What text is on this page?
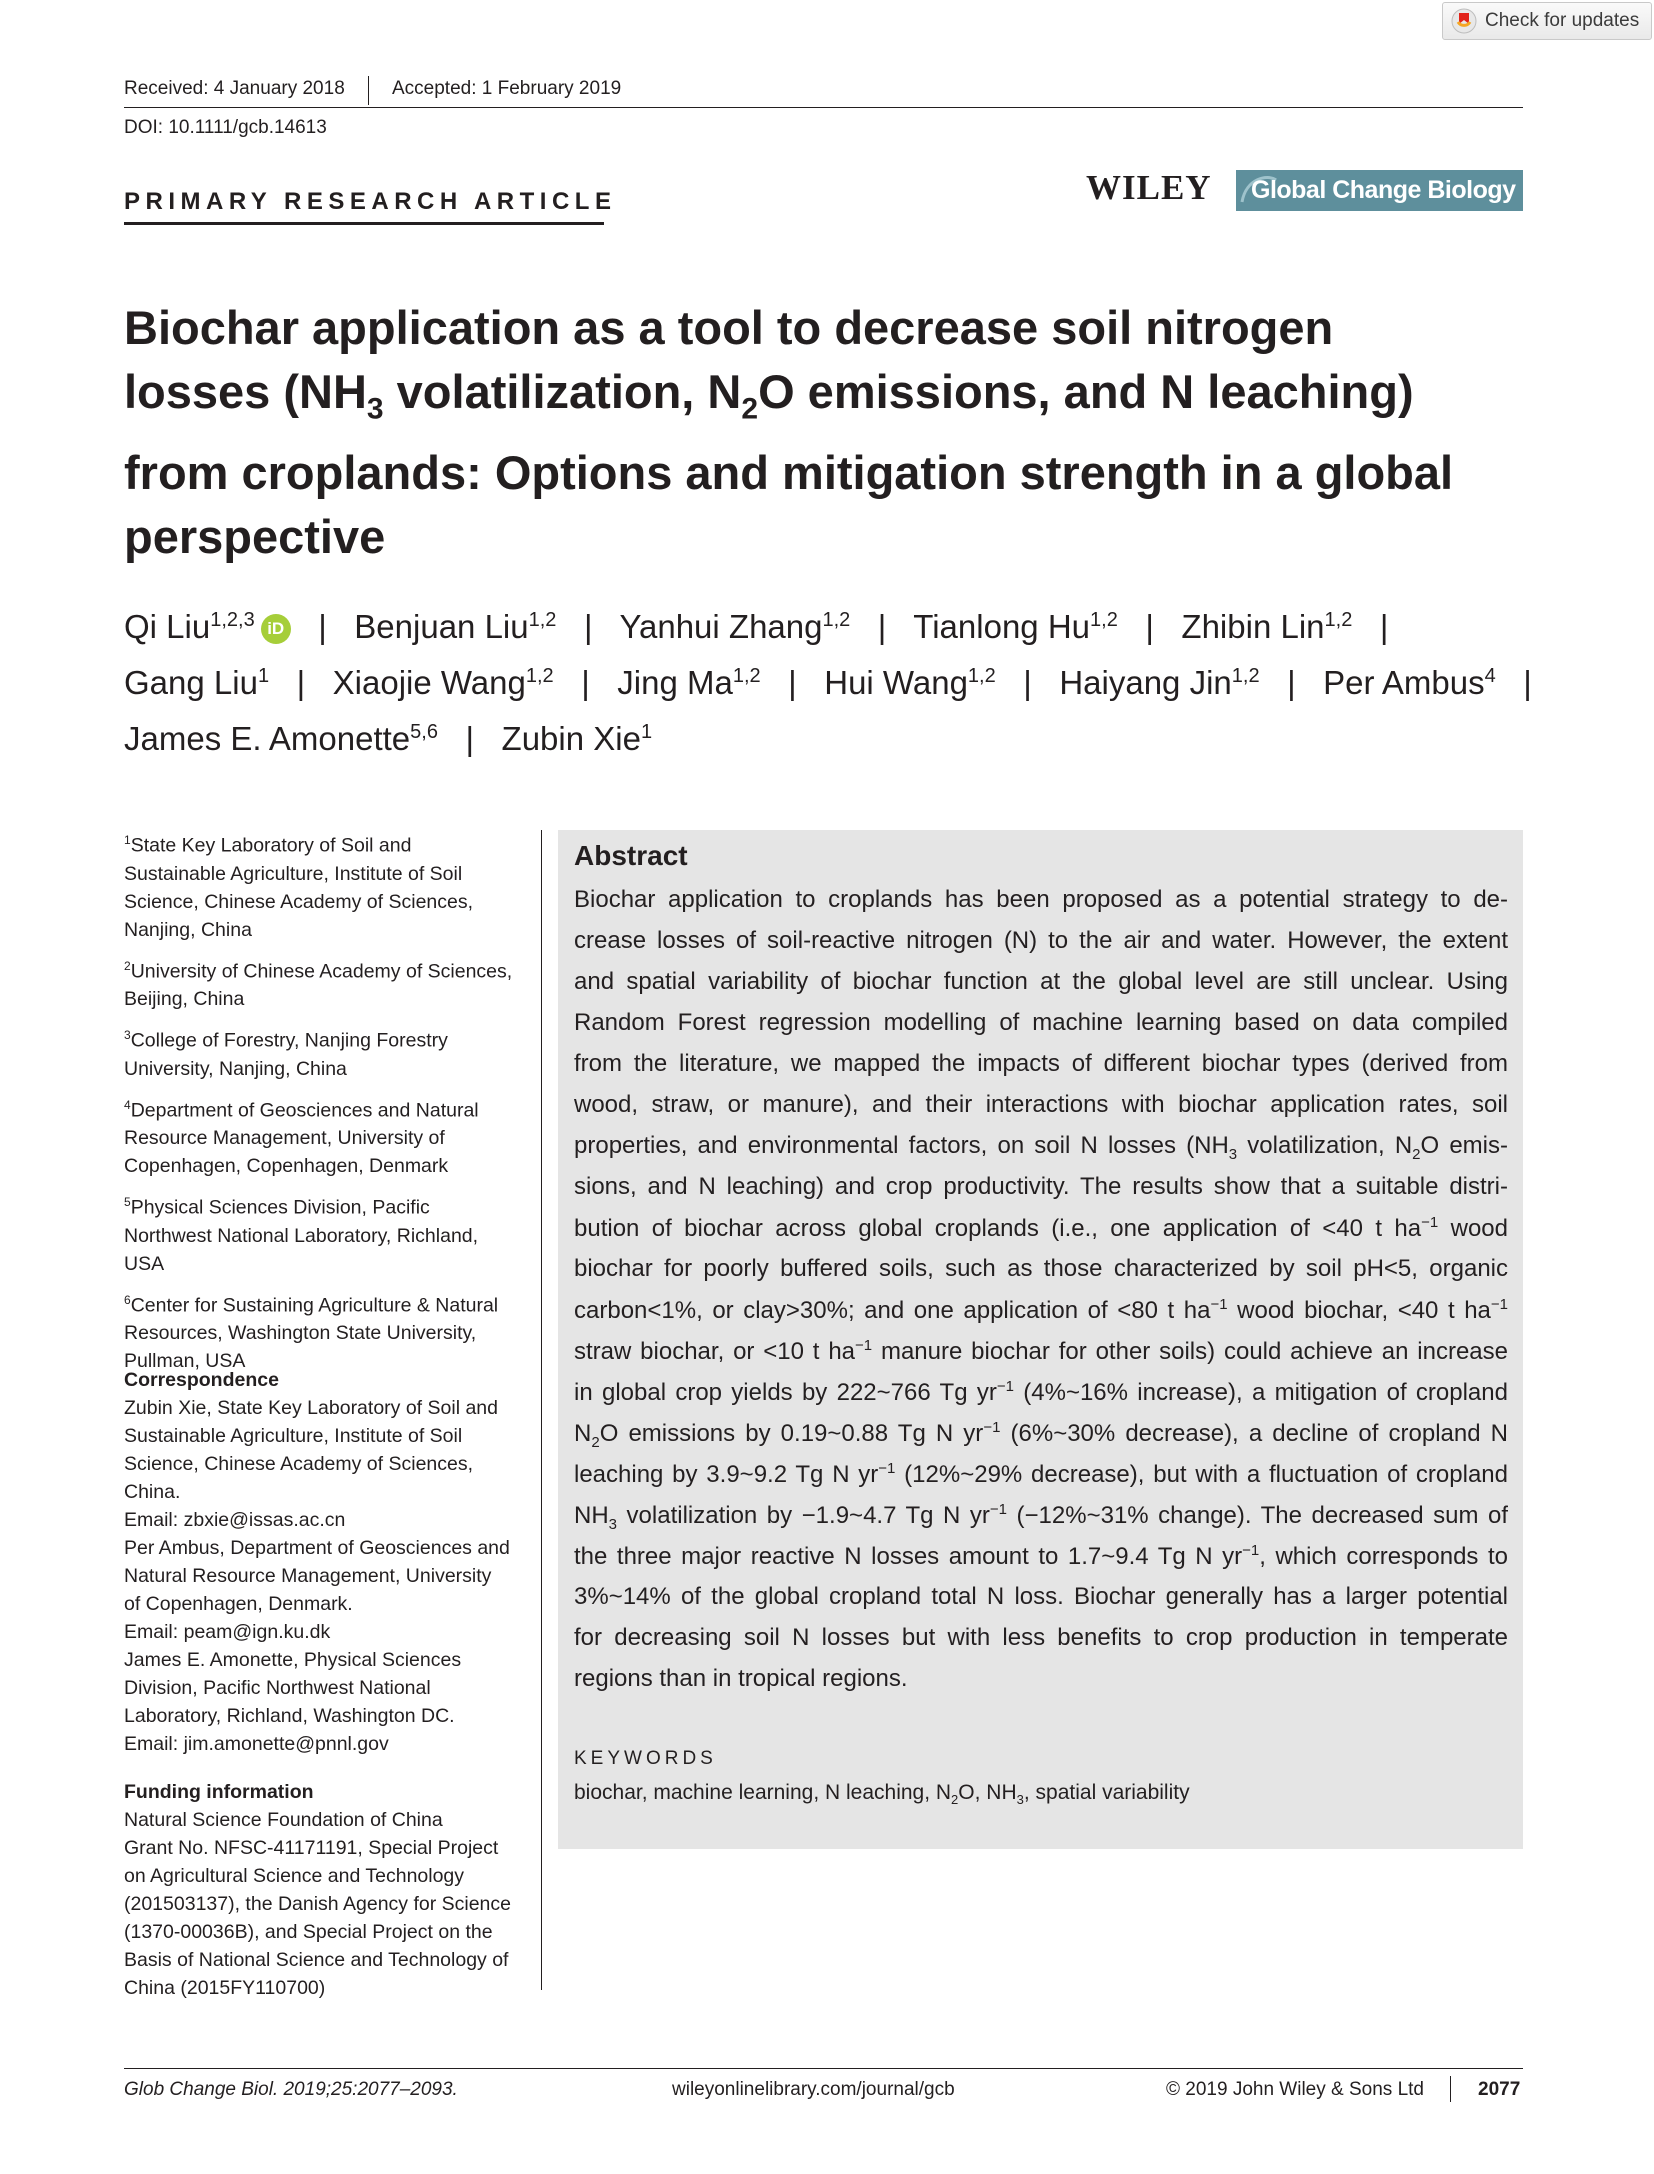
Check for updates
Received: 4 January 2018 Accepted: 1 February 2019
DOI: 10.1111/gcb.14613
PRIMARY RESEARCH ARTICLE	WILEY Global Change Biology
Biochar application as a tool to decrease soil nitrogen
losses ($NH_3$ volatilization, $N_2O$ emissions, and N leaching)
from croplands: Options and mitigation strength in a global
perspective
Qi Liu$^{1,2,3}$ iD   |   Benjuan Liu$^{1,2}$   |   Yanhui Zhang$^{1,2}$   |   Tianlong Hu$^{1,2}$   |   Zhibin Lin$^{1,2}$   |
Gang Liu$^1$   |   Xiaojie Wang$^{1,2}$   |   Jing Ma$^{1,2}$   |   Hui Wang$^{1,2}$   |   Haiyang Jin$^{1,2}$   |   Per Ambus$^4$   |
James E. Amonette$^{5,6}$   |   Zubin Xie$^1$

$^1$State Key Laboratory of Soil and
Sustainable Agriculture, Institute of Soil
Science, Chinese Academy of Sciences,
Nanjing, China

$^2$University of Chinese Academy of Sciences,
Beijing, China

$^3$College of Forestry, Nanjing Forestry
University, Nanjing, China

$^4$Department of Geosciences and Natural
Resource Management, University of
Copenhagen, Copenhagen, Denmark

$^5$Physical Sciences Division, Pacific
Northwest National Laboratory, Richland,
USA

$^6$Center for Sustaining Agriculture & Natural
Resources, Washington State University,
Pullman, USA

Correspondence

Zubin Xie, State Key Laboratory of Soil and

Sustainable Agriculture, Institute of Soil

Science, Chinese Academy of Sciences,

China.

Email: zbxie@issas.ac.cn

Per Ambus, Department of Geosciences and

Natural Resource Management, University

of Copenhagen, Denmark.

Email: peam@ign.ku.dk

James E. Amonette, Physical Sciences

Division, Pacific Northwest National

Laboratory, Richland, Washington DC.

Email: jim.amonette@pnnl.gov

Funding information

Natural Science Foundation of China

Grant No. NFSC-41171191, Special Project

on Agricultural Science and Technology

(201503137), the Danish Agency for Science

(1370-00036B), and Special Project on the

Basis of National Science and Technology of

China (2015FY110700)

Abstract
Biochar application to croplands has been proposed as a potential strategy to de-
crease losses of soil-reactive nitrogen (N) to the air and water. However, the extent
and spatial variability of biochar function at the global level are still unclear. Using
Random Forest regression modelling of machine learning based on data compiled
from the literature, we mapped the impacts of different biochar types (derived from
wood, straw, or manure), and their interactions with biochar application rates, soil
properties, and environmental factors, on soil N losses ($NH_3$ volatilization, $N_2O$ emis-
sions, and N leaching) and crop productivity. The results show that a suitable distri-
bution of biochar across global croplands (i.e., one application of <40 t $ha^{-1}$ wood
biochar for poorly buffered soils, such as those characterized by soil pH<5, organic
carbon<1%, or clay>30%; and one application of <80 t $ha^{-1}$ wood biochar, <40 t $ha^{-1}$
straw biochar, or <10 t $ha^{-1}$ manure biochar for other soils) could achieve an increase
in global crop yields by 222~766 Tg $yr^{-1}$ (4%~16% increase), a mitigation of cropland
$N_2O$ emissions by 0.19~0.88 Tg N $yr^{-1}$ (6%~30% decrease), a decline of cropland N
leaching by 3.9~9.2 Tg N $yr^{-1}$ (12%~29% decrease), but with a fluctuation of cropland
$NH_3$ volatilization by −1.9~4.7 Tg N $yr^{-1}$ (−12%~31% change). The decreased sum of
the three major reactive N losses amount to 1.7~9.4 Tg N $yr^{-1}$, which corresponds to
3%~14% of the global cropland total N loss. Biochar generally has a larger potential
for decreasing soil N losses but with less benefits to crop production in temperate
regions than in tropical regions.
KEYWORDS
biochar, machine learning, N leaching, $N_2O$, $NH_3$, spatial variability
Glob Change Biol. 2019;25:2077–2093.	wileyonlinelibrary.com/journal/gcb	© 2019 John Wiley & Sons Ltd	2077
